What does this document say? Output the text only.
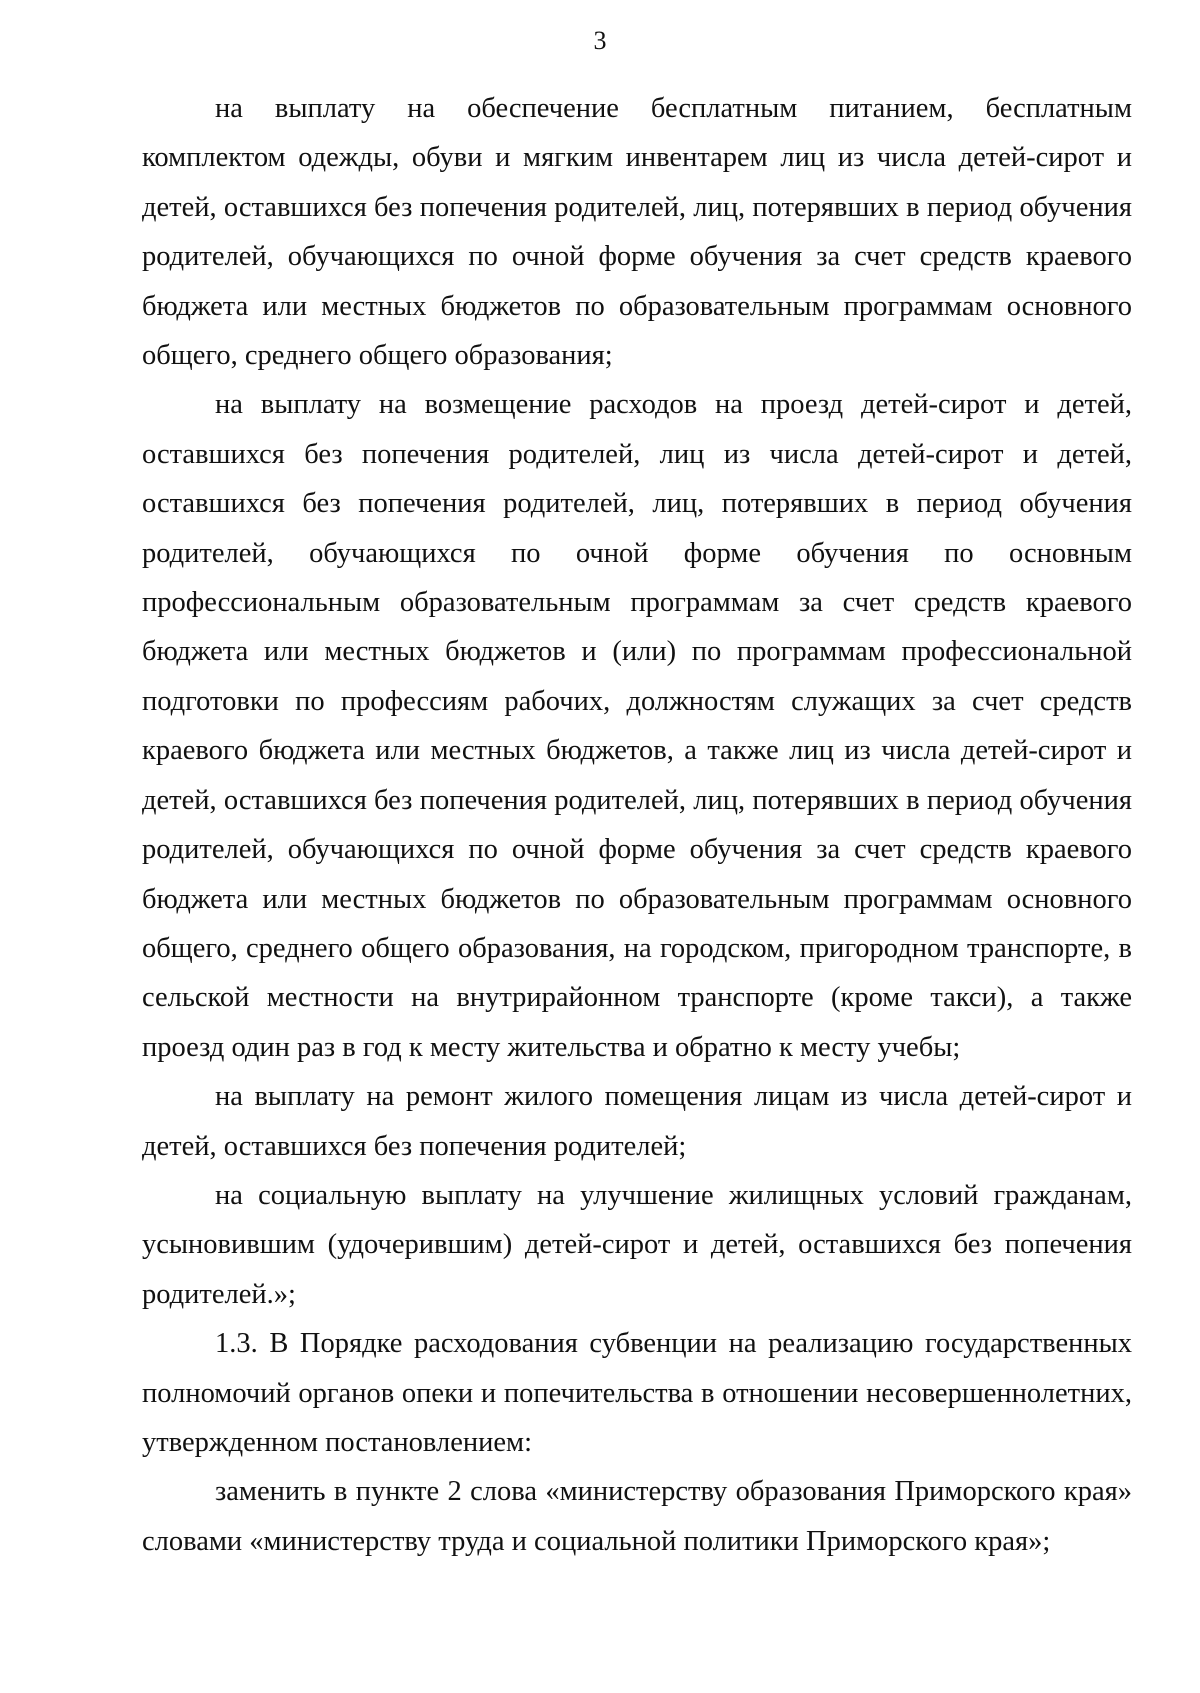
3

на выплату на обеспечение бесплатным питанием, бесплатным комплектом одежды, обуви и мягким инвентарем лиц из числа детей-сирот и детей, оставшихся без попечения родителей, лиц, потерявших в период обучения родителей, обучающихся по очной форме обучения за счет средств краевого бюджета или местных бюджетов по образовательным программам основного общего, среднего общего образования;

на выплату на возмещение расходов на проезд детей-сирот и детей, оставшихся без попечения родителей, лиц из числа детей-сирот и детей, оставшихся без попечения родителей, лиц, потерявших в период обучения родителей, обучающихся по очной форме обучения по основным профессиональным образовательным программам за счет средств краевого бюджета или местных бюджетов и (или) по программам профессиональной подготовки по профессиям рабочих, должностям служащих за счет средств краевого бюджета или местных бюджетов, а также лиц из числа детей-сирот и детей, оставшихся без попечения родителей, лиц, потерявших в период обучения родителей, обучающихся по очной форме обучения за счет средств краевого бюджета или местных бюджетов по образовательным программам основного общего, среднего общего образования, на городском, пригородном транспорте, в сельской местности на внутрирайонном транспорте (кроме такси), а также проезд один раз в год к месту жительства и обратно к месту учебы;

на выплату на ремонт жилого помещения лицам из числа детей-сирот и детей, оставшихся без попечения родителей;

на социальную выплату на улучшение жилищных условий гражданам, усыновившим (удочерившим) детей-сирот и детей, оставшихся без попечения родителей.»;

1.3. В Порядке расходования субвенции на реализацию государственных полномочий органов опеки и попечительства в отношении несовершеннолетних, утвержденном постановлением:

заменить в пункте 2 слова «министерству образования Приморского края» словами «министерству труда и социальной политики Приморского края»;
